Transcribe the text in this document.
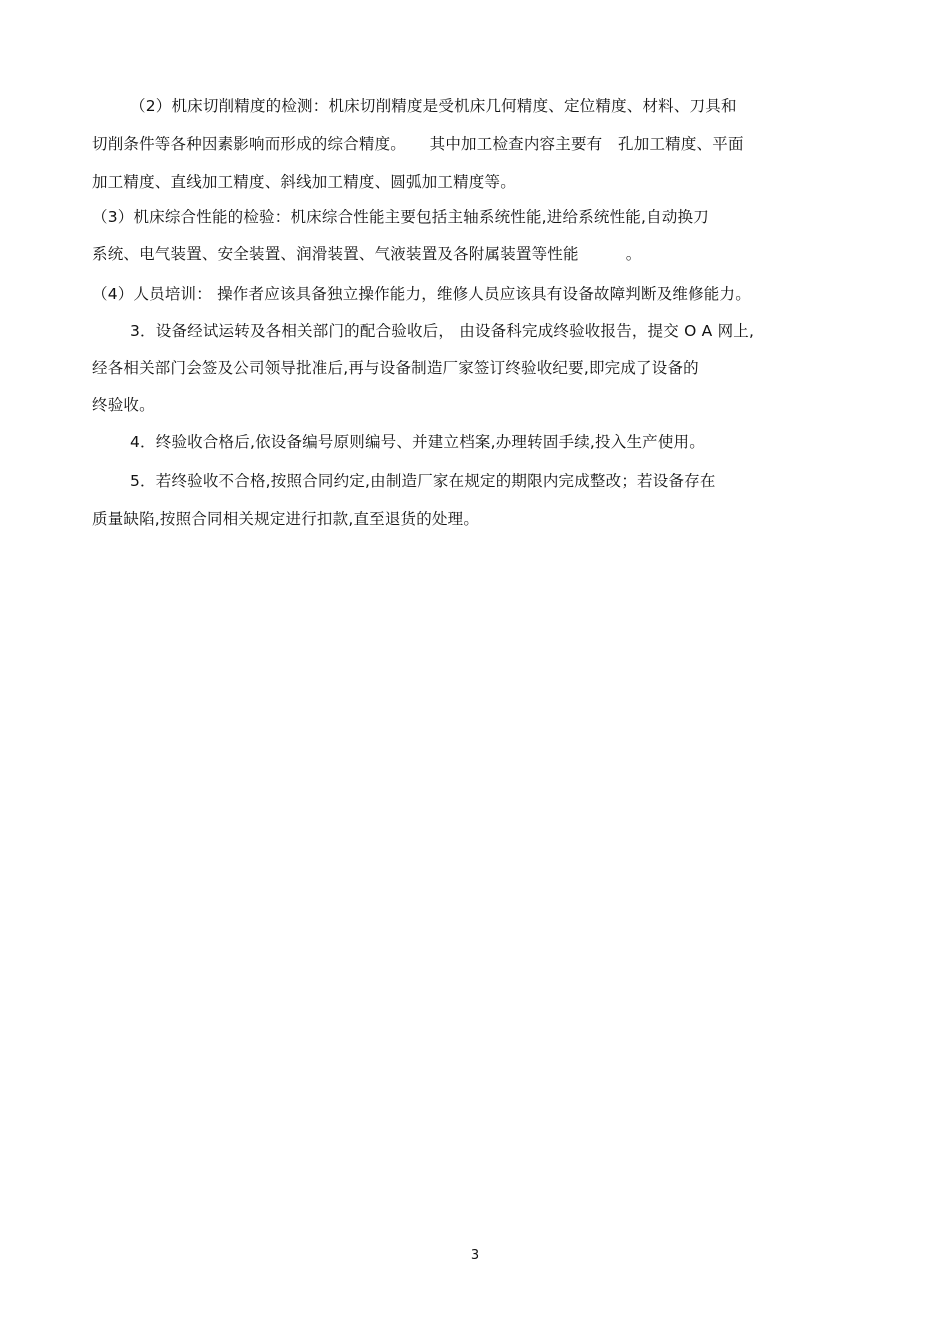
（2）机床切削精度的检测：机床切削精度是受机床几何精度、定位精度、材料、刀具和
切削条件等各种因素影响而形成的综合精度。　　其中加工检查内容主要有　孔加工精度、平面
加工精度、直线加工精度、斜线加工精度、圆弧加工精度等。
（3）机床综合性能的检验：机床综合性能主要包括主轴系统性能,进给系统性能,自动换刀
系统、电气装置、安全装置、润滑装置、气液装置及各附属装置等性能　　　。
（4）人员培训： 操作者应该具备独立操作能力，维修人员应该具有设备故障判断及维修能力。
3．设备经试运转及各相关部门的配合验收后， 由设备科完成终验收报告，提交 O A 网上,
经各相关部门会签及公司领导批准后,再与设备制造厂家签订终验收纪要,即完成了设备的
终验收。
4．终验收合格后,依设备编号原则编号、并建立档案,办理转固手续,投入生产使用。
5．若终验收不合格,按照合同约定,由制造厂家在规定的期限内完成整改；若设备存在
质量缺陷,按照合同相关规定进行扣款,直至退货的处理。
3
